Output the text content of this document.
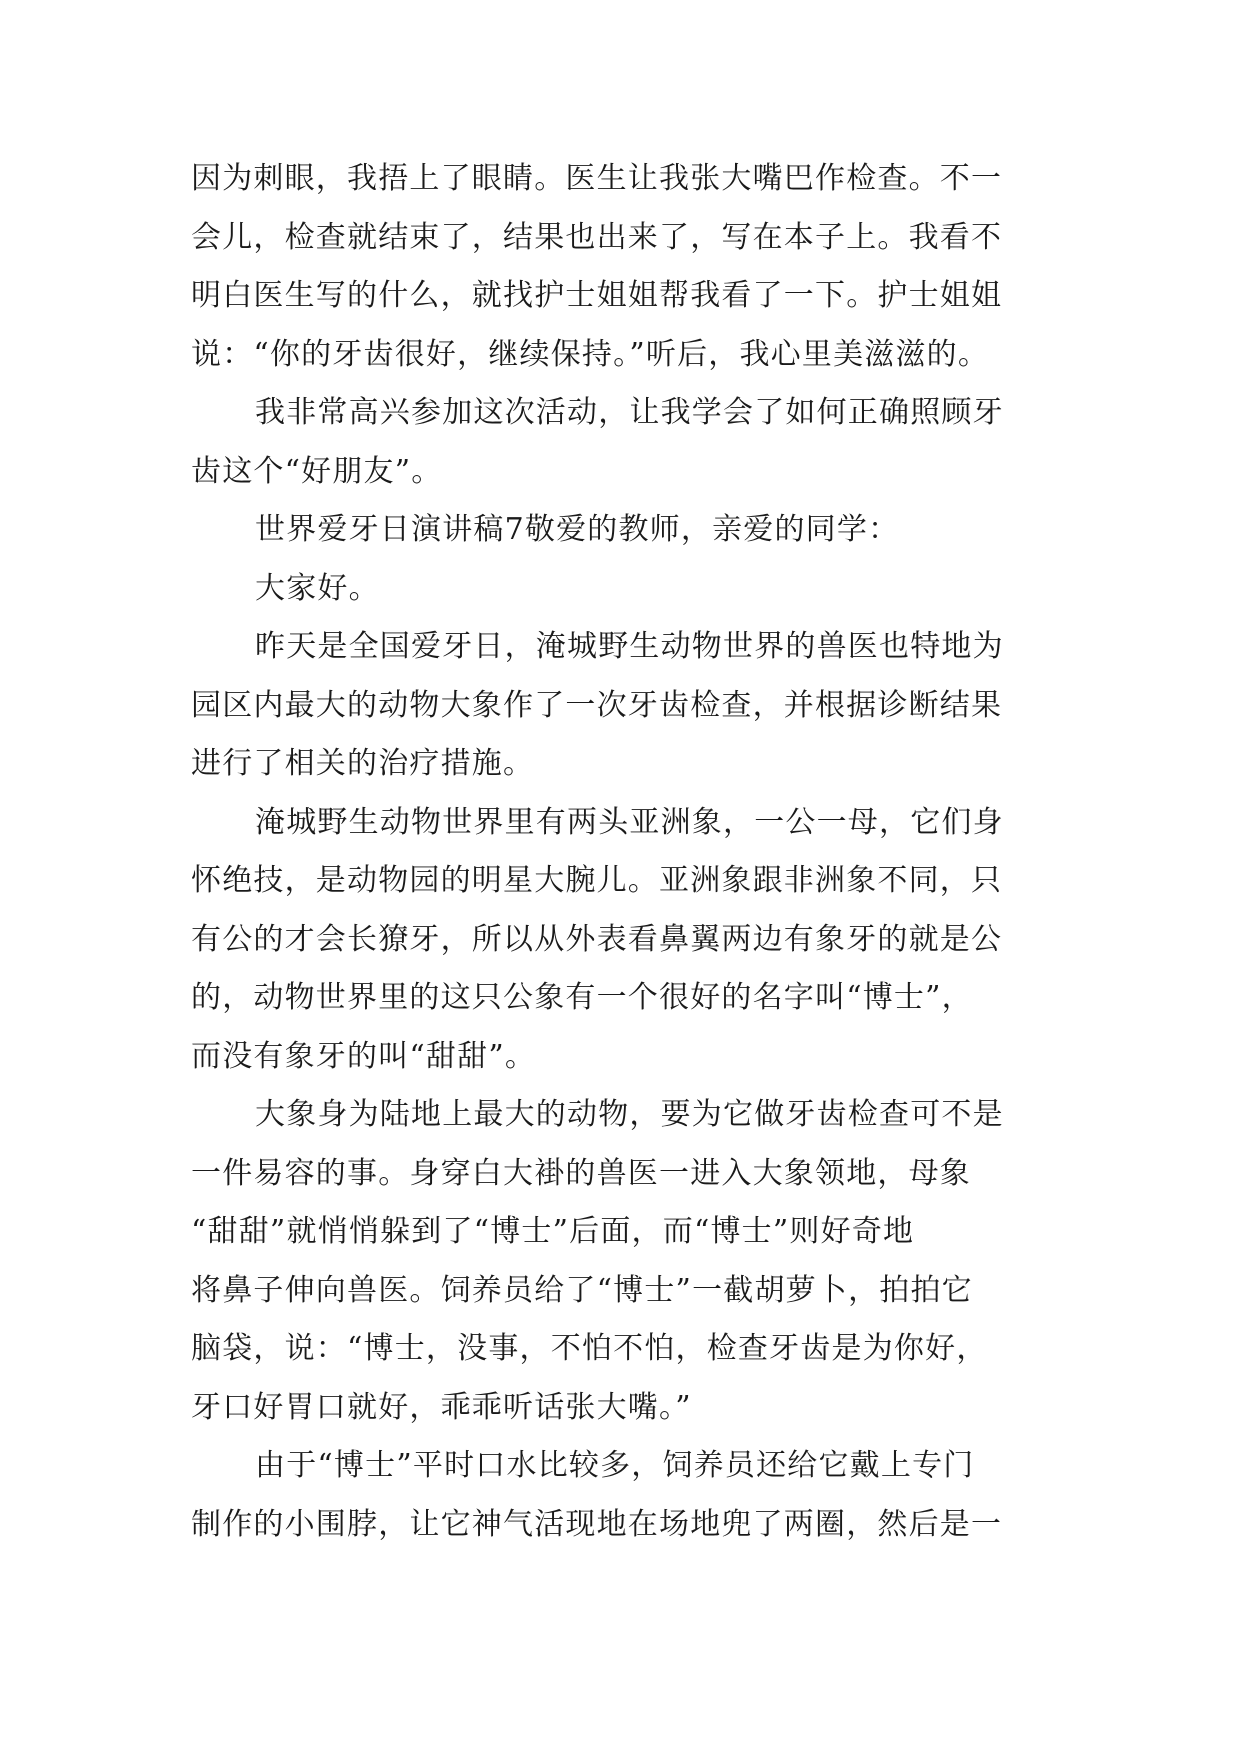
因为刺眼，我捂上了眼睛。医生让我张大嘴巴作检查。不一
会儿，检查就结束了，结果也出来了，写在本子上。我看不
明白医生写的什么，就找护士姐姐帮我看了一下。护士姐姐
说：“你的牙齿很好，继续保持。”听后，我心里美滋滋的。
我非常高兴参加这次活动，让我学会了如何正确照顾牙
齿这个“好朋友”。
世界爱牙日演讲稿7敬爱的教师，亲爱的同学：
大家好。
昨天是全国爱牙日，淹城野生动物世界的兽医也特地为
园区内最大的动物大象作了一次牙齿检查，并根据诊断结果
进行了相关的治疗措施。
淹城野生动物世界里有两头亚洲象，一公一母，它们身
怀绝技，是动物园的明星大腕儿。亚洲象跟非洲象不同，只
有公的才会长獠牙，所以从外表看鼻翼两边有象牙的就是公
的，动物世界里的这只公象有一个很好的名字叫“博士”，
而没有象牙的叫“甜甜”。
大象身为陆地上最大的动物，要为它做牙齿检查可不是
一件易容的事。身穿白大褂的兽医一进入大象领地，母象
“甜甜”就悄悄躲到了“博士”后面，而“博士”则好奇地
将鼻子伸向兽医。饲养员给了“博士”一截胡萝卜，拍拍它
脑袋，说：“博士，没事，不怕不怕，检查牙齿是为你好，
牙口好胃口就好，乖乖听话张大嘴。”
由于“博士”平时口水比较多，饲养员还给它戴上专门
制作的小围脖，让它神气活现地在场地兜了两圈，然后是一
